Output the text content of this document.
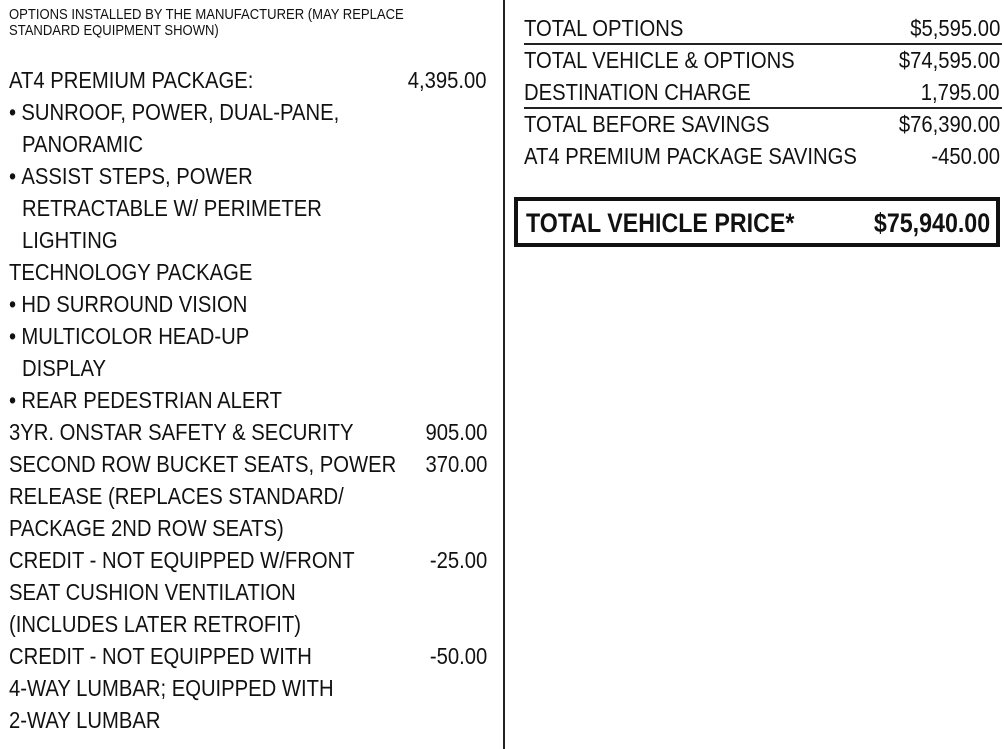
OPTIONS INSTALLED BY THE MANUFACTURER (MAY REPLACE STANDARD EQUIPMENT SHOWN)
AT4 PREMIUM PACKAGE:	4,395.00
• SUNROOF, POWER, DUAL-PANE,
PANORAMIC
• ASSIST STEPS, POWER
RETRACTABLE W/ PERIMETER
LIGHTING
TECHNOLOGY PACKAGE
• HD SURROUND VISION
• MULTICOLOR HEAD-UP
DISPLAY
• REAR PEDESTRIAN ALERT
3YR. ONSTAR SAFETY & SECURITY	905.00
SECOND ROW BUCKET SEATS, POWER 370.00
RELEASE (REPLACES STANDARD/
PACKAGE 2ND ROW SEATS)
CREDIT - NOT EQUIPPED W/FRONT	-25.00
SEAT CUSHION VENTILATION
(INCLUDES LATER RETROFIT)
CREDIT - NOT EQUIPPED WITH	-50.00
4-WAY LUMBAR; EQUIPPED WITH
2-WAY LUMBAR
TOTAL OPTIONS	$5,595.00
TOTAL VEHICLE & OPTIONS	$74,595.00
DESTINATION CHARGE	1,795.00
TOTAL BEFORE SAVINGS	$76,390.00
AT4 PREMIUM PACKAGE SAVINGS	-450.00
TOTAL VEHICLE PRICE*	$75,940.00
